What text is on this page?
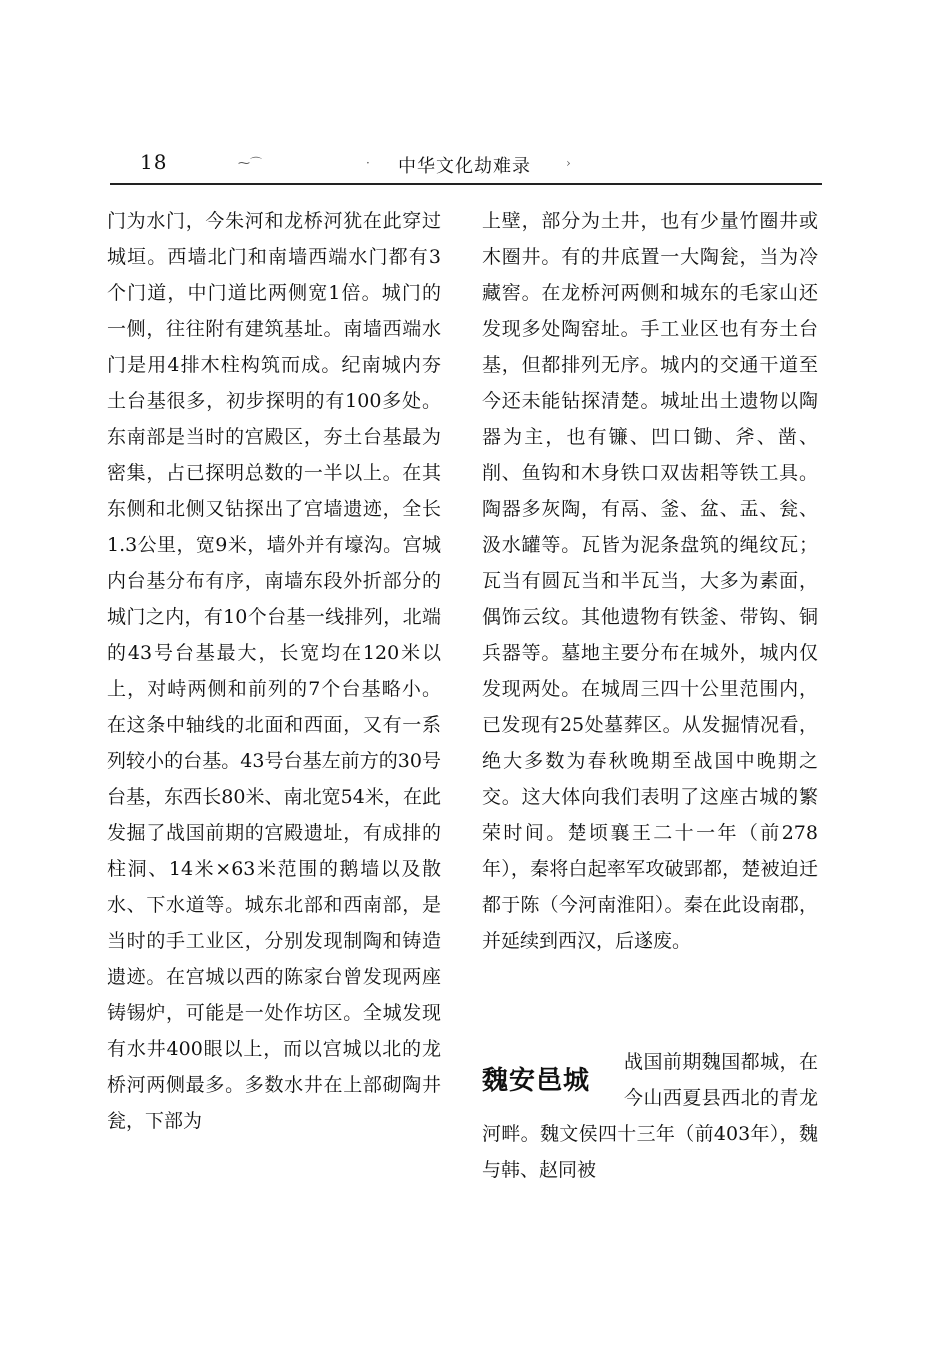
18	⁓⌒	· 中华文化劫难录	›

门为水门，今朱河和龙桥河犹在此穿过城垣。西墙北门和南墙西端水门都有3个门道，中门道比两侧宽1倍。城门的一侧，往往附有建筑基址。南墙西端水门是用4排木柱构筑而成。纪南城内夯土台基很多，初步探明的有100多处。东南部是当时的宫殿区，夯土台基最为密集，占已探明总数的一半以上。在其东侧和北侧又钻探出了宫墙遗迹，全长1.3公里，宽9米，墙外并有壕沟。宫城内台基分布有序，南墙东段外折部分的城门之内，有10个台基一线排列，北端的43号台基最大，长宽均在120米以上，对峙两侧和前列的7个台基略小。在这条中轴线的北面和西面，又有一系列较小的台基。43号台基左前方的30号台基，东西长80米、南北宽54米，在此发掘了战国前期的宫殿遗址，有成排的柱洞、14米×63米范围的鹅墙以及散水、下水道等。城东北部和西南部，是当时的手工业区，分别发现制陶和铸造遗迹。在宫城以西的陈家台曾发现两座铸锡炉，可能是一处作坊区。全城发现有水井400眼以上，而以宫城以北的龙桥河两侧最多。多数水井在上部砌陶井瓮，下部为

上壁，部分为土井，也有少量竹圈井或木圈井。有的井底置一大陶瓮，当为冷藏窖。在龙桥河两侧和城东的毛家山还发现多处陶窑址。手工业区也有夯土台基，但都排列无序。城内的交通干道至今还未能钻探清楚。城址出土遗物以陶器为主，也有镰、凹口锄、斧、凿、削、鱼钩和木身铁口双齿耜等铁工具。陶器多灰陶，有鬲、釜、盆、盂、瓮、汲水罐等。瓦皆为泥条盘筑的绳纹瓦；瓦当有圆瓦当和半瓦当，大多为素面，偶饰云纹。其他遗物有铁釜、带钩、铜兵器等。墓地主要分布在城外，城内仅发现两处。在城周三四十公里范围内，已发现有25处墓葬区。从发掘情况看，绝大多数为春秋晚期至战国中晚期之交。这大体向我们表明了这座古城的繁荣时间。楚顷襄王二十一年（前278年），秦将白起率军攻破郢都，楚被迫迁都于陈（今河南淮阳）。秦在此设南郡，并延续到西汉，后遂废。

魏安邑城

战国前期魏国都城，在今山西夏县西北的青龙河畔。魏文侯四十三年（前403年），魏与韩、赵同被
